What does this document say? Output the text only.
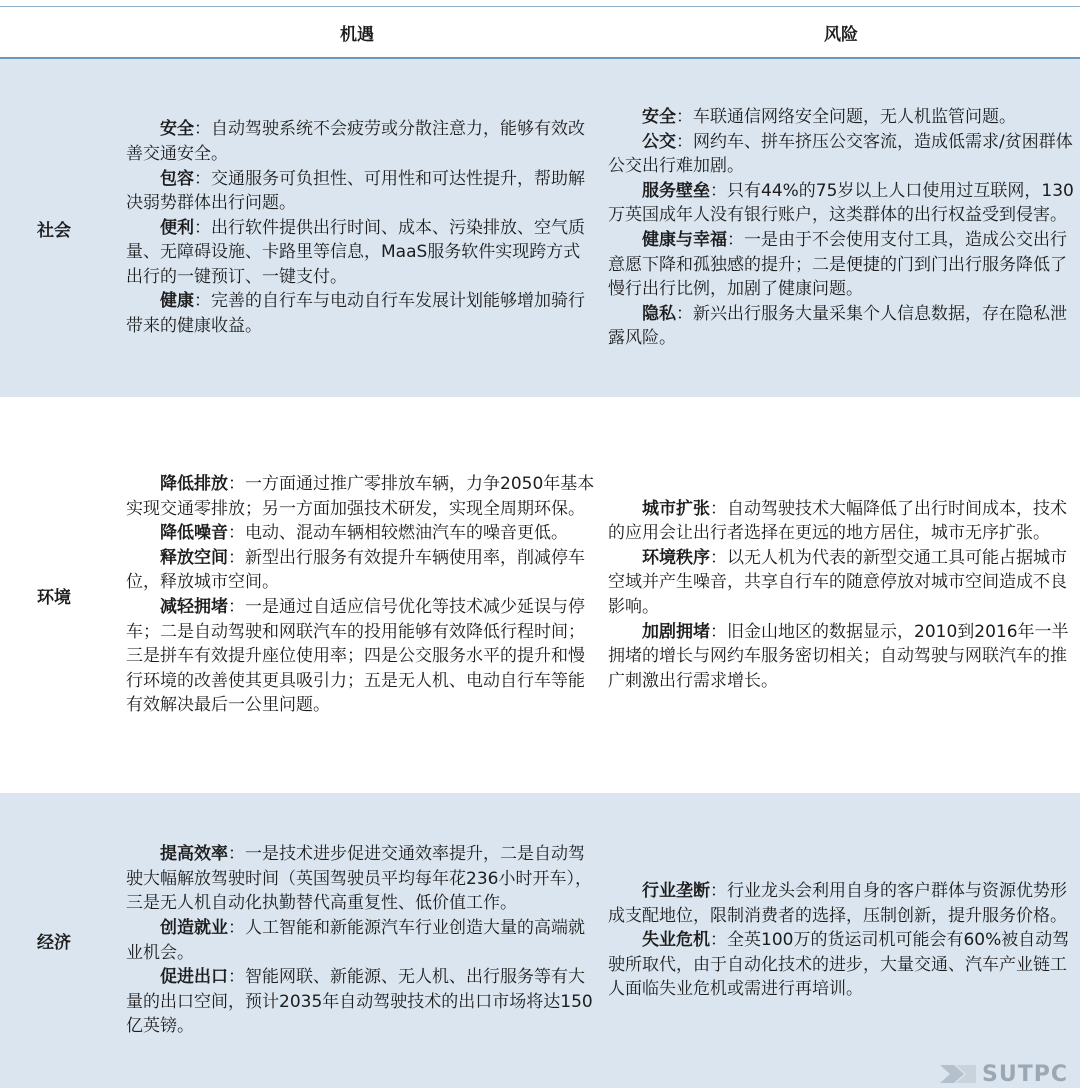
机遇	风险
社会

安全：自动驾驶系统不会疲劳或分散注意力，能够有效改善交通安全。

包容：交通服务可负担性、可用性和可达性提升，帮助解决弱势群体出行问题。

便利：出行软件提供出行时间、成本、污染排放、空气质量、无障碍设施、卡路里等信息，MaaS服务软件实现跨方式出行的一键预订、一键支付。

健康：完善的自行车与电动自行车发展计划能够增加骑行带来的健康收益。

安全：车联通信网络安全问题，无人机监管问题。

公交：网约车、拼车挤压公交客流，造成低需求/贫困群体公交出行难加剧。

服务壁垒：只有44%的75岁以上人口使用过互联网，130万英国成年人没有银行账户，这类群体的出行权益受到侵害。

健康与幸福：一是由于不会使用支付工具，造成公交出行意愿下降和孤独感的提升；二是便捷的门到门出行服务降低了慢行出行比例，加剧了健康问题。

隐私：新兴出行服务大量采集个人信息数据，存在隐私泄露风险。

环境

降低排放：一方面通过推广零排放车辆，力争2050年基本实现交通零排放；另一方面加强技术研发，实现全周期环保。

降低噪音：电动、混动车辆相较燃油汽车的噪音更低。

释放空间：新型出行服务有效提升车辆使用率，削减停车位，释放城市空间。

减轻拥堵：一是通过自适应信号优化等技术减少延误与停车；二是自动驾驶和网联汽车的投用能够有效降低行程时间；三是拼车有效提升座位使用率；四是公交服务水平的提升和慢行环境的改善使其更具吸引力；五是无人机、电动自行车等能有效解决最后一公里问题。

城市扩张：自动驾驶技术大幅降低了出行时间成本，技术的应用会让出行者选择在更远的地方居住，城市无序扩张。

环境秩序：以无人机为代表的新型交通工具可能占据城市空域并产生噪音，共享自行车的随意停放对城市空间造成不良影响。

加剧拥堵：旧金山地区的数据显示，2010到2016年一半拥堵的增长与网约车服务密切相关；自动驾驶与网联汽车的推广刺激出行需求增长。

经济

提高效率：一是技术进步促进交通效率提升，二是自动驾驶大幅解放驾驶时间（英国驾驶员平均每年花236小时开车），三是无人机自动化执勤替代高重复性、低价值工作。

创造就业：人工智能和新能源汽车行业创造大量的高端就业机会。

促进出口：智能网联、新能源、无人机、出行服务等有大量的出口空间，预计2035年自动驾驶技术的出口市场将达150亿英镑。

行业垄断：行业龙头会利用自身的客户群体与资源优势形成支配地位，限制消费者的选择，压制创新，提升服务价格。

失业危机：全英100万的货运司机可能会有60%被自动驾驶所取代，由于自动化技术的进步，大量交通、汽车产业链工人面临失业危机或需进行再培训。

SUTPC
